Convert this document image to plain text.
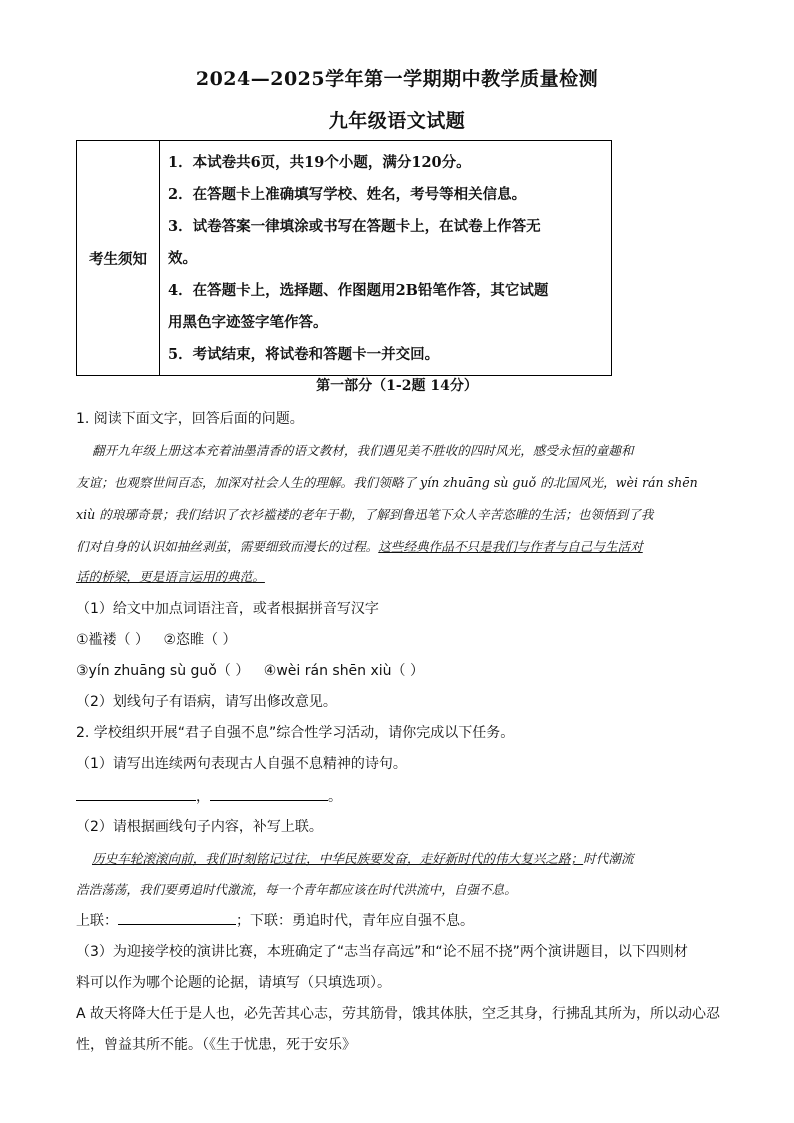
2024—2025学年第一学期期中教学质量检测
九年级语文试题
考生须知	
1．本试卷共6页，共19个小题，满分120分。
2．在答题卡上准确填写学校、姓名，考号等相关信息。
3．试卷答案一律填涂或书写在答题卡上，在试卷上作答无
效。
4．在答题卡上，选择题、作图题用2B铅笔作答，其它试题
用黑色字迹签字笔作答。
5．考试结束，将试卷和答题卡一并交回。
第一部分（1-2题 14分）
1. 阅读下面文字，回答后面的问题。
翻开九年级上册这本充着油墨清香的语文教材，我们遇见美不胜收的四时风光，感受永恒的童趣和
友谊；也观察世间百态，加深对社会人生的理解。我们领略了 yín zhuāng sù guǒ 的北国风光，wèi rán shēn
xiù 的琅琊奇景；我们结识了衣衫褴褛的老年于勒，了解到鲁迅笔下众人辛苦恣睢的生活；也领悟到了我
们对自身的认识如抽丝剥茧，需要细致而漫长的过程。这些经典作品不只是我们与作者与自己与生活对
话的桥梁，更是语言运用的典范。
（1）给文中加点词语注音，或者根据拼音写汉字
①褴褛（ ） ②恣睢（ ）
③yín zhuāng sù guǒ（ ） ④wèi rán shēn xiù（ ）
（2）划线句子有语病，请写出修改意见。
2. 学校组织开展“君子自强不息”综合性学习活动，请你完成以下任务。
（1）请写出连续两句表现古人自强不息精神的诗句。
，	。
（2）请根据画线句子内容，补写上联。
历史车轮滚滚向前，我们时刻铭记过往，中华民族要发奋，走好新时代的伟大复兴之路；时代潮流
浩浩荡荡，我们要勇追时代激流，每一个青年都应该在时代洪流中，自强不息。
上联：	；下联：勇追时代，青年应自强不息。
（3）为迎接学校的演讲比赛，本班确定了“志当存高远”和“论不屈不挠”两个演讲题目，以下四则材
料可以作为哪个论题的论据，请填写（只填选项）。
A 故天将降大任于是人也，必先苦其心志，劳其筋骨，饿其体肤，空乏其身，行拂乱其所为，所以动心忍
性，曾益其所不能。（《生于忧患，死于安乐》
